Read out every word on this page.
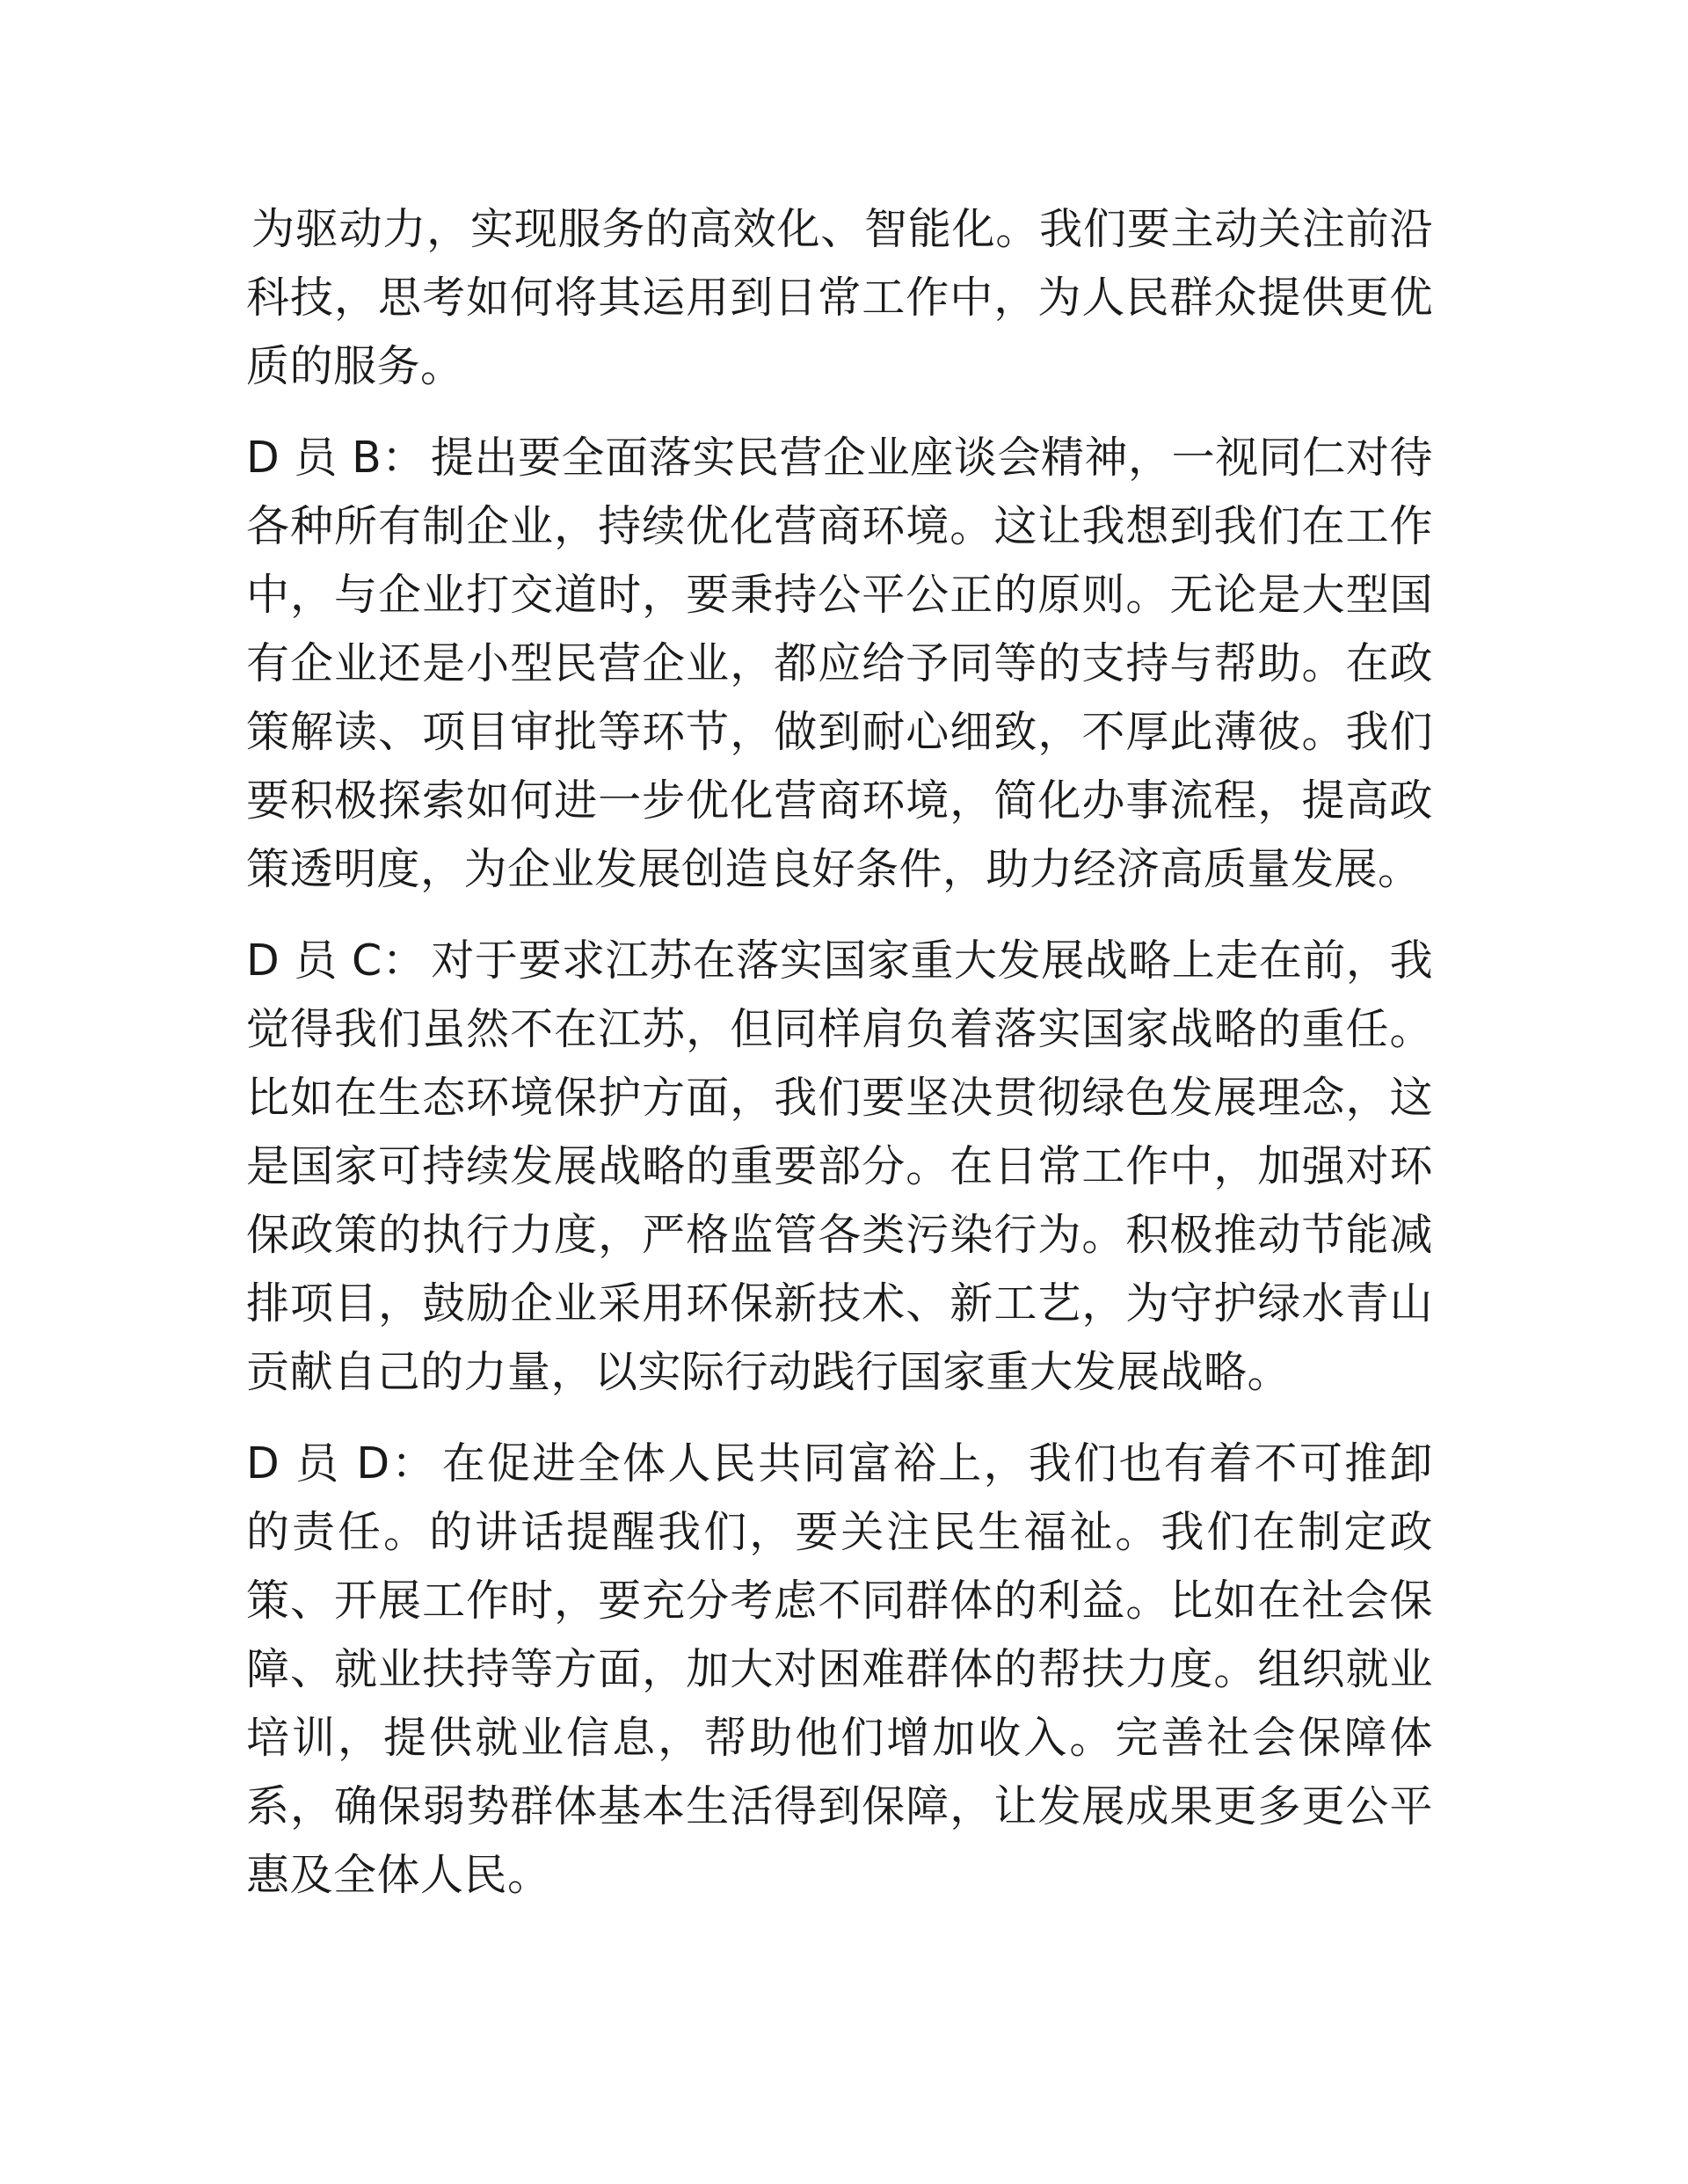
为驱动力，实现服务的高效化、智能化。我们要主动关注前沿科技，思考如何将其运用到日常工作中，为人民群众提供更优质的服务。

D 员 B： 提出要全面落实民营企业座谈会精神，一视同仁对待各种所有制企业，持续优化营商环境。这让我想到我们在工作中，与企业打交道时，要秉持公平公正的原则。无论是大型国有企业还是小型民营企业，都应给予同等的支持与帮助。在政策解读、项目审批等环节，做到耐心细致，不厚此薄彼。我们要积极探索如何进一步优化营商环境，简化办事流程，提高政策透明度，为企业发展创造良好条件，助力经济高质量发展。

D 员 C： 对于要求江苏在落实国家重大发展战略上走在前，我觉得我们虽然不在江苏，但同样肩负着落实国家战略的重任。比如在生态环境保护方面，我们要坚决贯彻绿色发展理念，这是国家可持续发展战略的重要部分。在日常工作中，加强对环保政策的执行力度，严格监管各类污染行为。积极推动节能减排项目，鼓励企业采用环保新技术、新工艺，为守护绿水青山贡献自己的力量，以实际行动践行国家重大发展战略。

D 员 D： 在促进全体人民共同富裕上，我们也有着不可推卸的责任。的讲话提醒我们，要关注民生福祉。我们在制定政策、开展工作时，要充分考虑不同群体的利益。比如在社会保障、就业扶持等方面，加大对困难群体的帮扶力度。组织就业培训，提供就业信息，帮助他们增加收入。完善社会保障体系，确保弱势群体基本生活得到保障，让发展成果更多更公平惠及全体人民。
